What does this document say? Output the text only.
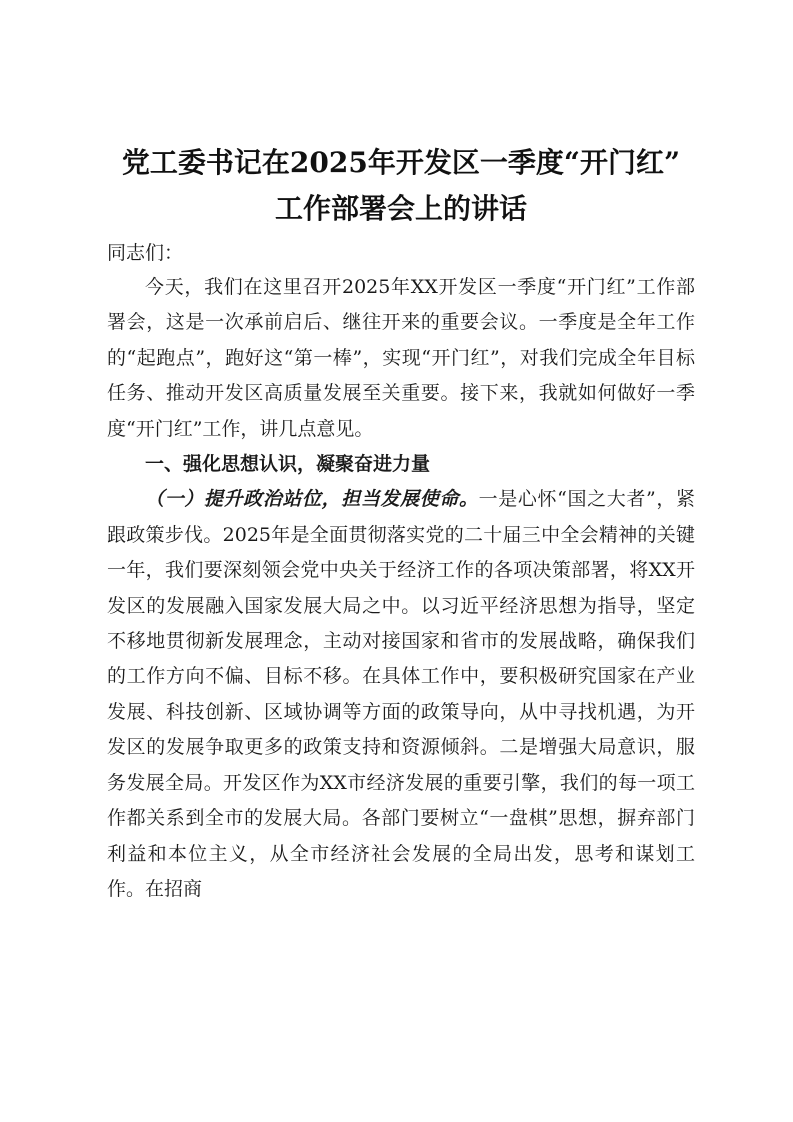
党工委书记在2025年开发区一季度“开门红”
工作部署会上的讲话

同志们：

今天，我们在这里召开2025年XX开发区一季度“开门红”工作部署会，这是一次承前启后、继往开来的重要会议。一季度是全年工作的“起跑点”，跑好这“第一棒”，实现“开门红”，对我们完成全年目标任务、推动开发区高质量发展至关重要。接下来，我就如何做好一季度“开门红”工作，讲几点意见。

一、强化思想认识，凝聚奋进力量

（一）提升政治站位，担当发展使命。一是心怀“国之大者”，紧跟政策步伐。2025年是全面贯彻落实党的二十届三中全会精神的关键一年，我们要深刻领会党中央关于经济工作的各项决策部署，将XX开发区的发展融入国家发展大局之中。以习近平经济思想为指导，坚定不移地贯彻新发展理念，主动对接国家和省市的发展战略，确保我们的工作方向不偏、目标不移。在具体工作中，要积极研究国家在产业发展、科技创新、区域协调等方面的政策导向，从中寻找机遇，为开发区的发展争取更多的政策支持和资源倾斜。二是增强大局意识，服务发展全局。开发区作为XX市经济发展的重要引擎，我们的每一项工作都关系到全市的发展大局。各部门要树立“一盘棋”思想，摒弃部门利益和本位主义，从全市经济社会发展的全局出发，思考和谋划工作。在招商
